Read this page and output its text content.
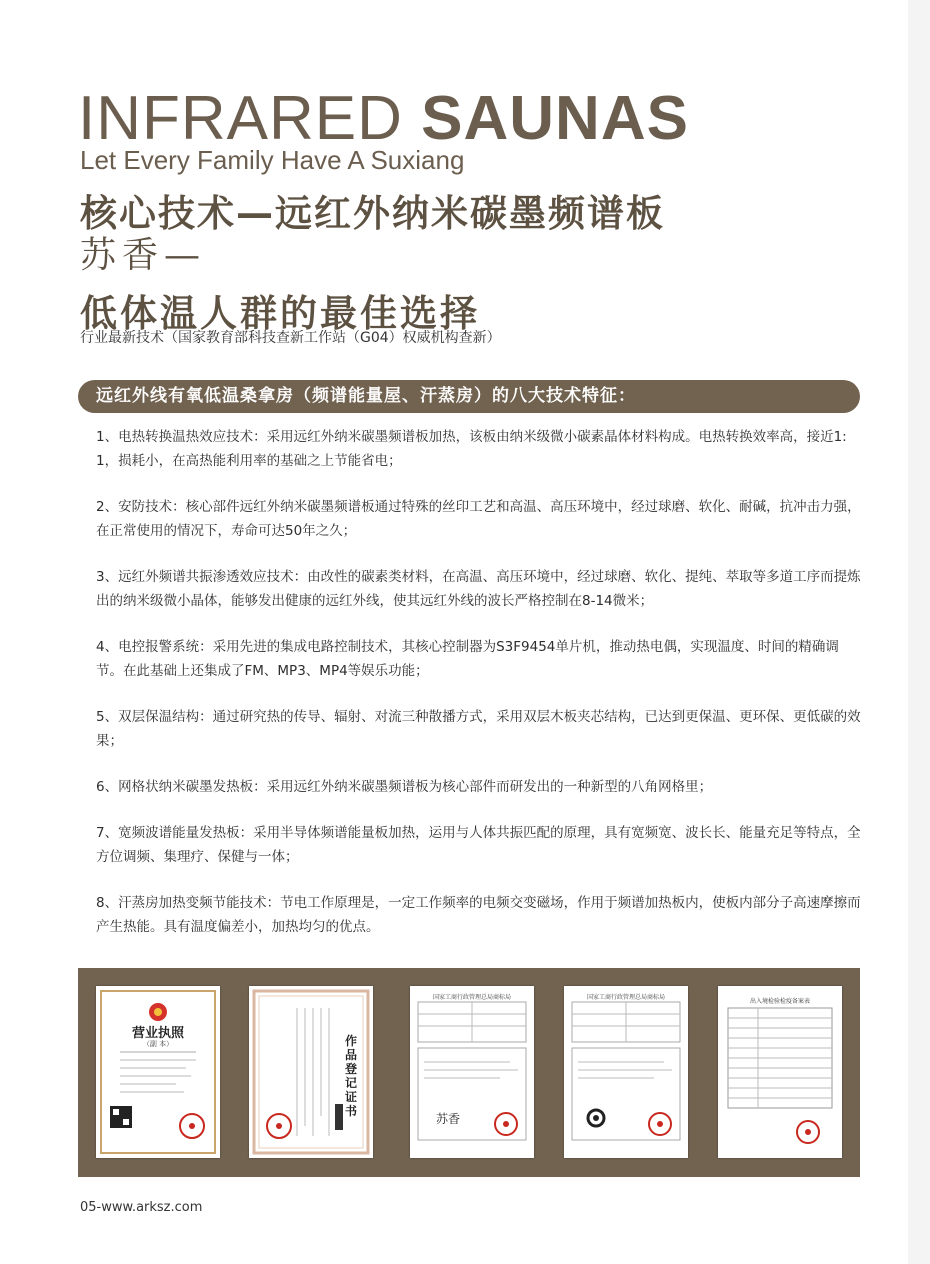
INFRARED SAUNAS
Let Every Family Have A Suxiang
核心技术—远红外纳米碳墨频谱板
苏香—
低体温人群的最佳选择
行业最新技术（国家教育部科技查新工作站（G04）权威机构查新）
远红外线有氧低温桑拿房（频谱能量屋、汗蒸房）的八大技术特征：

1、电热转换温热效应技术：采用远红外纳米碳墨频谱板加热，该板由纳米级微小碳素晶体材料构成。电热转换效率高，接近1:1，损耗小，在高热能利用率的基础之上节能省电；

2、安防技术：核心部件远红外纳米碳墨频谱板通过特殊的丝印工艺和高温、高压环境中，经过球磨、软化、耐碱，抗冲击力强，在正常使用的情况下，寿命可达50年之久；

3、远红外频谱共振渗透效应技术：由改性的碳素类材料，在高温、高压环境中，经过球磨、软化、提纯、萃取等多道工序而提炼出的纳米级微小晶体，能够发出健康的远红外线，使其远红外线的波长严格控制在8-14微米；

4、电控报警系统：采用先进的集成电路控制技术，其核心控制器为S3F9454单片机，推动热电偶，实现温度、时间的精确调节。在此基础上还集成了FM、MP3、MP4等娱乐功能；

5、双层保温结构：通过研究热的传导、辐射、对流三种散播方式，采用双层木板夹芯结构，已达到更保温、更环保、更低碳的效果；

6、网格状纳米碳墨发热板：采用远红外纳米碳墨频谱板为核心部件而研发出的一种新型的八角网格里；

7、宽频波谱能量发热板：采用半导体频谱能量板加热，运用与人体共振匹配的原理，具有宽频宽、波长长、能量充足等特点，全方位调频、集理疗、保健与一体；

8、汗蒸房加热变频节能技术：节电工作原理是，一定工作频率的电频交变磁场，作用于频谱加热板内，使板内部分子高速摩擦而产生热能。具有温度偏差小，加热均匀的优点。

营业执照
（副 本）	作品登记证书
国家工商行政管理总局商标局
苏香
国家工商行政管理总局商标局
出入境检验检疫备案表
05-www.arksz.com
